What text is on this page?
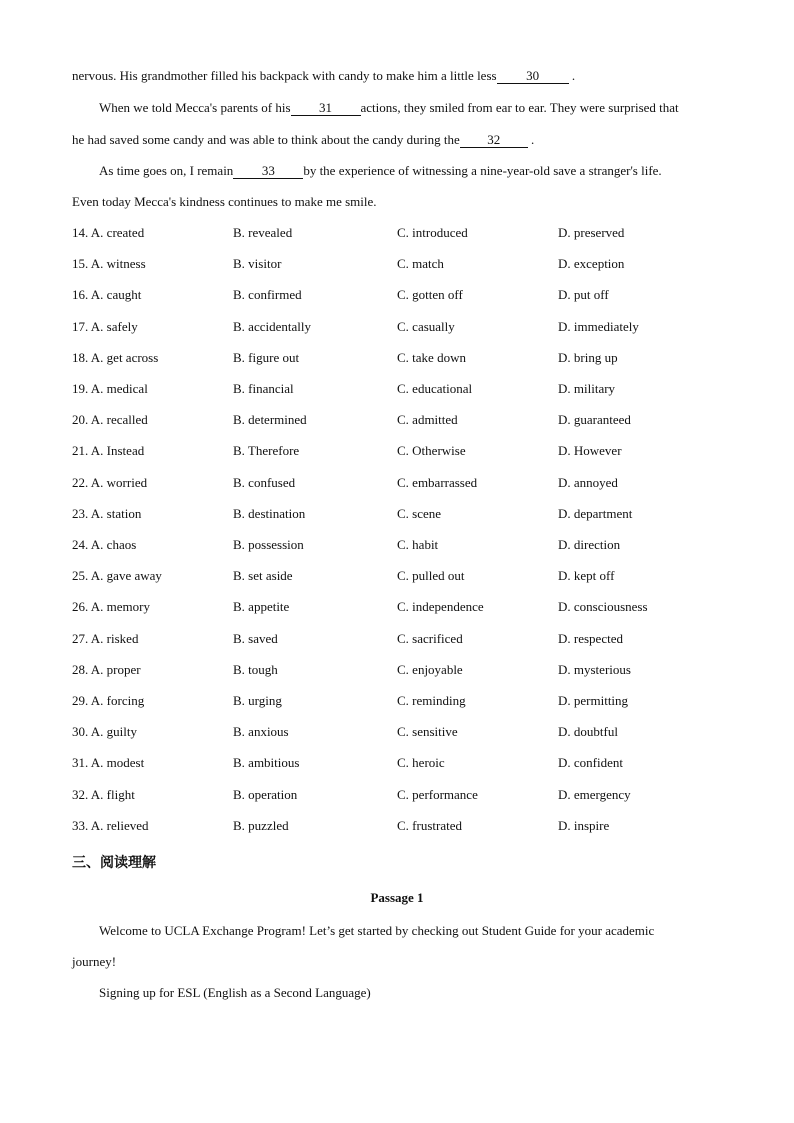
nervous. His grandmother filled his backpack with candy to make him a little less 30	.
When we told Mecca's parents of his 31 actions, they smiled from ear to ear. They were surprised that
he had saved some candy and was able to think about the candy during the 32 .
As time goes on, I remain 33 by the experience of witnessing a nine-year-old save a stranger's life.
Even today Mecca's kindness continues to make me smile.
14. A. created	B. revealed	C. introduced	D. preserved
15. A. witness	B. visitor	C. match	D. exception
16. A. caught	B. confirmed	C. gotten off	D. put off
17. A. safely	B. accidentally	C. casually	D. immediately
18. A. get across	B. figure out	C. take down	D. bring up
19. A. medical	B. financial	C. educational	D. military
20. A. recalled	B. determined	C. admitted	D. guaranteed
21. A. Instead	B. Therefore	C. Otherwise	D. However
22. A. worried	B. confused	C. embarrassed	D. annoyed
23. A. station	B. destination	C. scene	D. department
24. A. chaos	B. possession	C. habit	D. direction
25. A. gave away	B. set aside	C. pulled out	D. kept off
26. A. memory	B. appetite	C. independence	D. consciousness
27. A. risked	B. saved	C. sacrificed	D. respected
28. A. proper	B. tough	C. enjoyable	D. mysterious
29. A. forcing	B. urging	C. reminding	D. permitting
30. A. guilty	B. anxious	C. sensitive	D. doubtful
31. A. modest	B. ambitious	C. heroic	D. confident
32. A. flight	B. operation	C. performance	D. emergency
33. A. relieved	B. puzzled	C. frustrated	D. inspire
三、阅读理解
Passage 1
Welcome to UCLA Exchange Program! Let’s get started by checking out Student Guide for your academic
journey!
Signing up for ESL (English as a Second Language)
